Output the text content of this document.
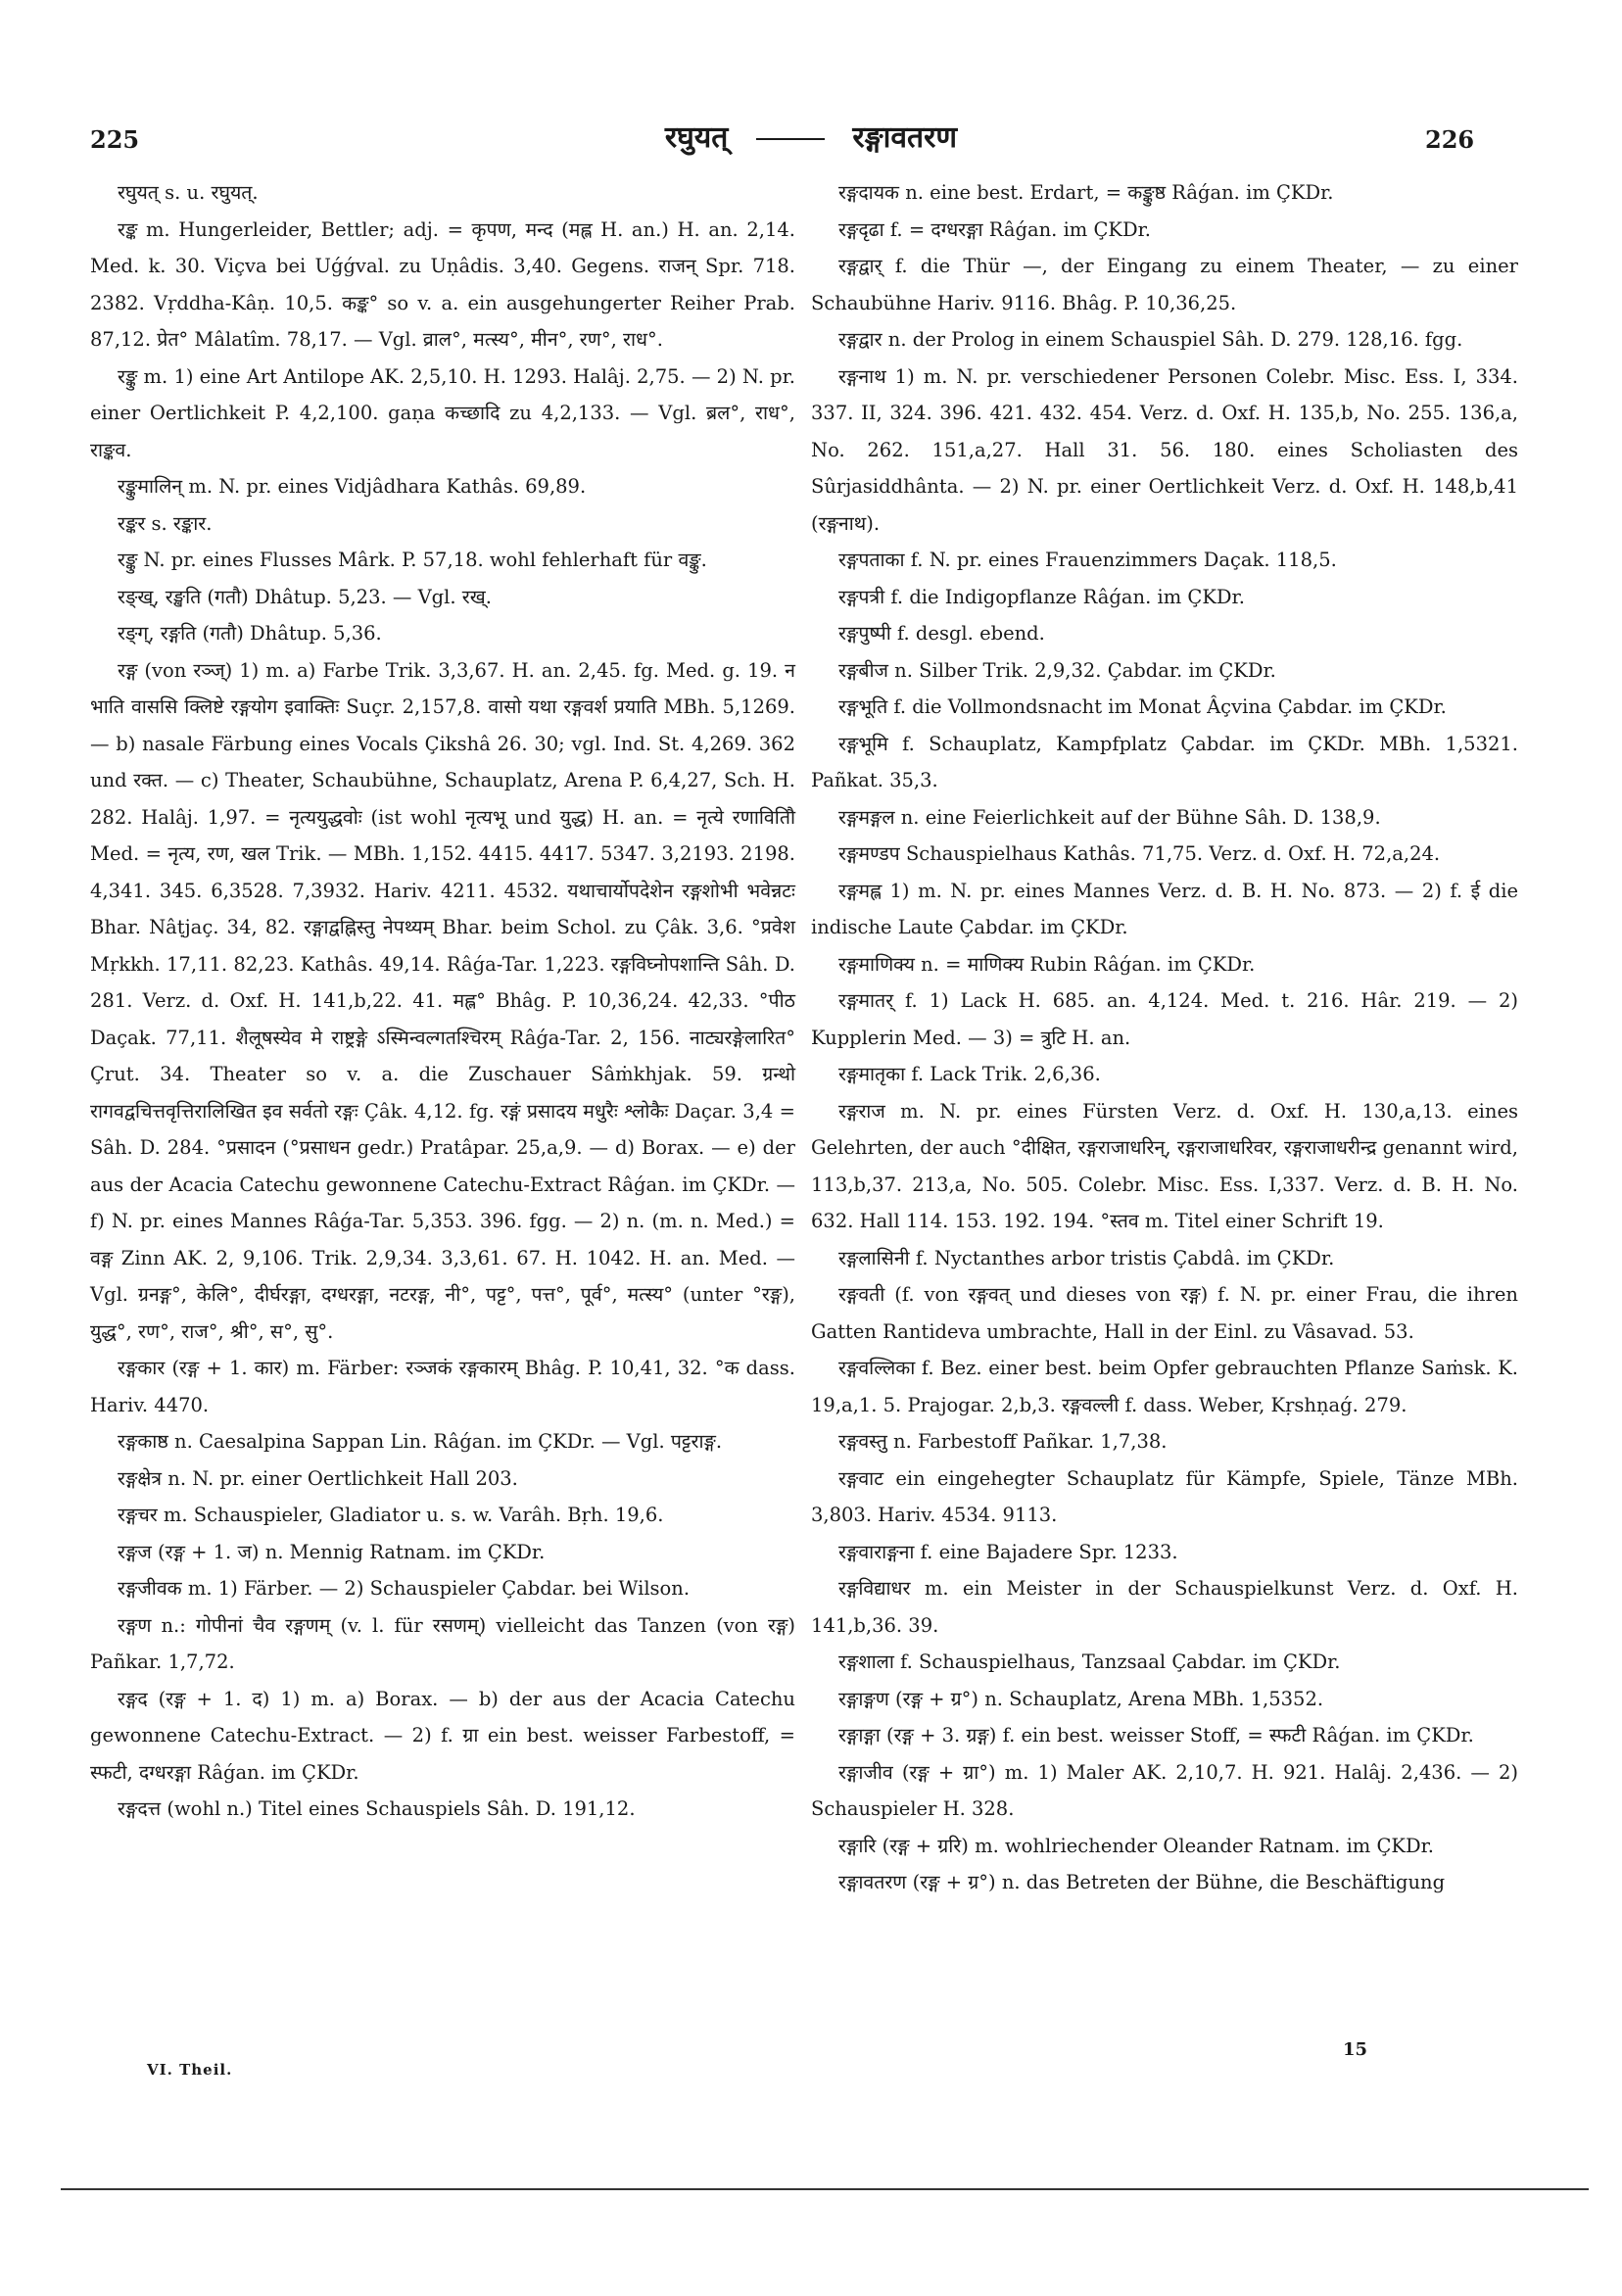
225	रघुयत्	रङ्गावतरण	226

रघुयत् s. u. रघुयत्.

रङ्क m. Hungerleider, Bettler; adj. = कृपण, मन्द (मह्ल H. an.) H. an. 2,14. Med. k. 30. Viçva bei Uǵǵval. zu Uṇâdis. 3,40. Gegens. राजन् Spr. 718. 2382. Vṛddha-Kâṇ. 10,5. कङ्क° so v. a. ein ausgehungerter Reiher Prab. 87,12. प्रेत° Mâlatîm. 78,17. — Vgl. व्राल°, मत्स्य°, मीन°, रण°, राध°.

रङ्कु m. 1) eine Art Antilope AK. 2,5,10. H. 1293. Halâj. 2,75. — 2) N. pr. einer Oertlichkeit P. 4,2,100. gaṇa कच्छादि zu 4,2,133. — Vgl. ब्रल°, राध°, राङ्कव.

रङ्कुमालिन् m. N. pr. eines Vidjâdhara Kathâs. 69,89.

रङ्कर s. रङ्कार.

रङ्कु N. pr. eines Flusses Mârk. P. 57,18. wohl fehlerhaft für वङ्कु.

रङ्ख्, रङ्खति (गतौ) Dhâtup. 5,23. — Vgl. रख्.

रङ्ग्, रङ्गति (गतौ) Dhâtup. 5,36.

रङ्ग (von रञ्ज्) 1) m. a) Farbe Trik. 3,3,67. H. an. 2,45. fg. Med. g. 19. न भाति वाससि क्लिष्टे रङ्गयोग इवाक्तिः Suçr. 2,157,8. वासो यथा रङ्गवर्श प्रयाति MBh. 5,1269. — b) nasale Färbung eines Vocals Çikshâ 26. 30; vgl. Ind. St. 4,269. 362 und रक्त. — c) Theater, Schaubühne, Schauplatz, Arena P. 6,4,27, Sch. H. 282. Halâj. 1,97. = नृत्ययुद्धवोः (ist wohl नृत्यभू und युद्ध) H. an. = नृत्ये रणावितिौ Med. = नृत्य, रण, खल Trik. — MBh. 1,152. 4415. 4417. 5347. 3,2193. 2198. 4,341. 345. 6,3528. 7,3932. Hariv. 4211. 4532. यथाचार्योपदेशेन रङ्गशोभी भवेन्नटः Bhar. Nâṭjaç. 34, 82. रङ्गाद्वह्निस्तु नेपथ्यम् Bhar. beim Schol. zu Çâk. 3,6. °प्रवेश Mṛkkh. 17,11. 82,23. Kathâs. 49,14. Râǵa-Tar. 1,223. रङ्गविघ्नोपशान्ति Sâh. D. 281. Verz. d. Oxf. H. 141,b,22. 41. मह्ल° Bhâg. P. 10,36,24. 42,33. °पीठ Daçak. 77,11. शैलूषस्येव मे राष्ट्रङ्गे ऽस्मिन्वल्गतश्चिरम् Râǵa-Tar. 2, 156. नाट्यरङ्गेलारित° Çrut. 34. Theater so v. a. die Zuschauer Sâṁkhjak. 59. ग्रन्थो रागवद्वचित्तवृत्तिरालिखित इव सर्वतो रङ्गः Çâk. 4,12. fg. रङ्गं प्रसादय मधुरैः श्लोकैः Daçar. 3,4 = Sâh. D. 284. °प्रसादन (°प्रसाधन gedr.) Pratâpar. 25,a,9. — d) Borax. — e) der aus der Acacia Catechu gewonnene Catechu-Extract Râǵan. im ÇKDr. — f) N. pr. eines Mannes Râǵa-Tar. 5,353. 396. fgg. — 2) n. (m. n. Med.) = वङ्ग Zinn AK. 2, 9,106. Trik. 2,9,34. 3,3,61. 67. H. 1042. H. an. Med. — Vgl. ग्रनङ्ग°, केलि°, दीर्घरङ्गा, दग्धरङ्गा, नटरङ्ग, नी°, पट्ट°, पत्त°, पूर्व°, मत्स्य° (unter °रङ्ग), युद्ध°, रण°, राज°, श्री°, स°, सु°.

रङ्गकार (रङ्ग + 1. कार) m. Färber: रञ्जकं रङ्गकारम् Bhâg. P. 10,41, 32. °क dass. Hariv. 4470.

रङ्गकाष्ठ n. Caesalpina Sappan Lin. Râǵan. im ÇKDr. — Vgl. पट्टराङ्ग.

रङ्गक्षेत्र n. N. pr. einer Oertlichkeit Hall 203.

रङ्गचर m. Schauspieler, Gladiator u. s. w. Varâh. Bṛh. 19,6.

रङ्गज (रङ्ग + 1. ज) n. Mennig Ratnam. im ÇKDr.

रङ्गजीवक m. 1) Färber. — 2) Schauspieler Çabdar. bei Wilson.

रङ्गण n.: गोपीनां चैव रङ्गणम् (v. l. für रसणम्) vielleicht das Tanzen (von रङ्ग) Pañkar. 1,7,72.

रङ्गद (रङ्ग + 1. द) 1) m. a) Borax. — b) der aus der Acacia Catechu gewonnene Catechu-Extract. — 2) f. ग्रा ein best. weisser Farbestoff, = स्फटी, दग्धरङ्गा Râǵan. im ÇKDr.

रङ्गदत्त (wohl n.) Titel eines Schauspiels Sâh. D. 191,12.

रङ्गदायक n. eine best. Erdart, = कङ्कुष्ठ Râǵan. im ÇKDr.

रङ्गदृढा f. = दग्धरङ्गा Râǵan. im ÇKDr.

रङ्गद्वार् f. die Thür —, der Eingang zu einem Theater, — zu einer Schaubühne Hariv. 9116. Bhâg. P. 10,36,25.

रङ्गद्वार n. der Prolog in einem Schauspiel Sâh. D. 279. 128,16. fgg.

रङ्गनाथ 1) m. N. pr. verschiedener Personen Colebr. Misc. Ess. I, 334. 337. II, 324. 396. 421. 432. 454. Verz. d. Oxf. H. 135,b, No. 255. 136,a, No. 262. 151,a,27. Hall 31. 56. 180. eines Scholiasten des Sûrjasiddhânta. — 2) N. pr. einer Oertlichkeit Verz. d. Oxf. H. 148,b,41 (रङ्गनाथ).

रङ्गपताका f. N. pr. eines Frauenzimmers Daçak. 118,5.

रङ्गपत्री f. die Indigopflanze Râǵan. im ÇKDr.

रङ्गपुष्पी f. desgl. ebend.

रङ्गबीज n. Silber Trik. 2,9,32. Çabdar. im ÇKDr.

रङ्गभूति f. die Vollmondsnacht im Monat Âçvina Çabdar. im ÇKDr.

रङ्गभूमि f. Schauplatz, Kampfplatz Çabdar. im ÇKDr. MBh. 1,5321. Pañkat. 35,3.

रङ्गमङ्गल n. eine Feierlichkeit auf der Bühne Sâh. D. 138,9.

रङ्गमण्डप Schauspielhaus Kathâs. 71,75. Verz. d. Oxf. H. 72,a,24.

रङ्गमह्ल 1) m. N. pr. eines Mannes Verz. d. B. H. No. 873. — 2) f. ई die indische Laute Çabdar. im ÇKDr.

रङ्गमाणिक्य n. = माणिक्य Rubin Râǵan. im ÇKDr.

रङ्गमातर् f. 1) Lack H. 685. an. 4,124. Med. t. 216. Hâr. 219. — 2) Kupplerin Med. — 3) = त्रुटि H. an.

रङ्गमातृका f. Lack Trik. 2,6,36.

रङ्गराज m. N. pr. eines Fürsten Verz. d. Oxf. H. 130,a,13. eines Gelehrten, der auch °दीक्षित, रङ्गराजाधरिन्, रङ्गराजाधरिवर, रङ्गराजाधरीन्द्र genannt wird, 113,b,37. 213,a, No. 505. Colebr. Misc. Ess. I,337. Verz. d. B. H. No. 632. Hall 114. 153. 192. 194. °स्तव m. Titel einer Schrift 19.

रङ्गलासिनी f. Nyctanthes arbor tristis Çabdâ. im ÇKDr.

रङ्गवती (f. von रङ्गवत् und dieses von रङ्ग) f. N. pr. einer Frau, die ihren Gatten Rantideva umbrachte, Hall in der Einl. zu Vâsavad. 53.

रङ्गवल्लिका f. Bez. einer best. beim Opfer gebrauchten Pflanze Saṁsk. K. 19,a,1. 5. Prajogar. 2,b,3. रङ्गवल्ली f. dass. Weber, Kṛshṇaǵ. 279.

रङ्गवस्तु n. Farbestoff Pañkar. 1,7,38.

रङ्गवाट ein eingehegter Schauplatz für Kämpfe, Spiele, Tänze MBh. 3,803. Hariv. 4534. 9113.

रङ्गवाराङ्गना f. eine Bajadere Spr. 1233.

रङ्गविद्याधर m. ein Meister in der Schauspielkunst Verz. d. Oxf. H. 141,b,36. 39.

रङ्गशाला f. Schauspielhaus, Tanzsaal Çabdar. im ÇKDr.

रङ्गाङ्गण (रङ्ग + ग्र°) n. Schauplatz, Arena MBh. 1,5352.

रङ्गाङ्गा (रङ्ग + 3. ग्रङ्ग) f. ein best. weisser Stoff, = स्फटी Râǵan. im ÇKDr.

रङ्गाजीव (रङ्ग + ग्रा°) m. 1) Maler AK. 2,10,7. H. 921. Halâj. 2,436. — 2) Schauspieler H. 328.

रङ्गारि (रङ्ग + ग्ररि) m. wohlriechender Oleander Ratnam. im ÇKDr.

रङ्गावतरण (रङ्ग + ग्र°) n. das Betreten der Bühne, die Beschäftigung

VI. Theil.
15
